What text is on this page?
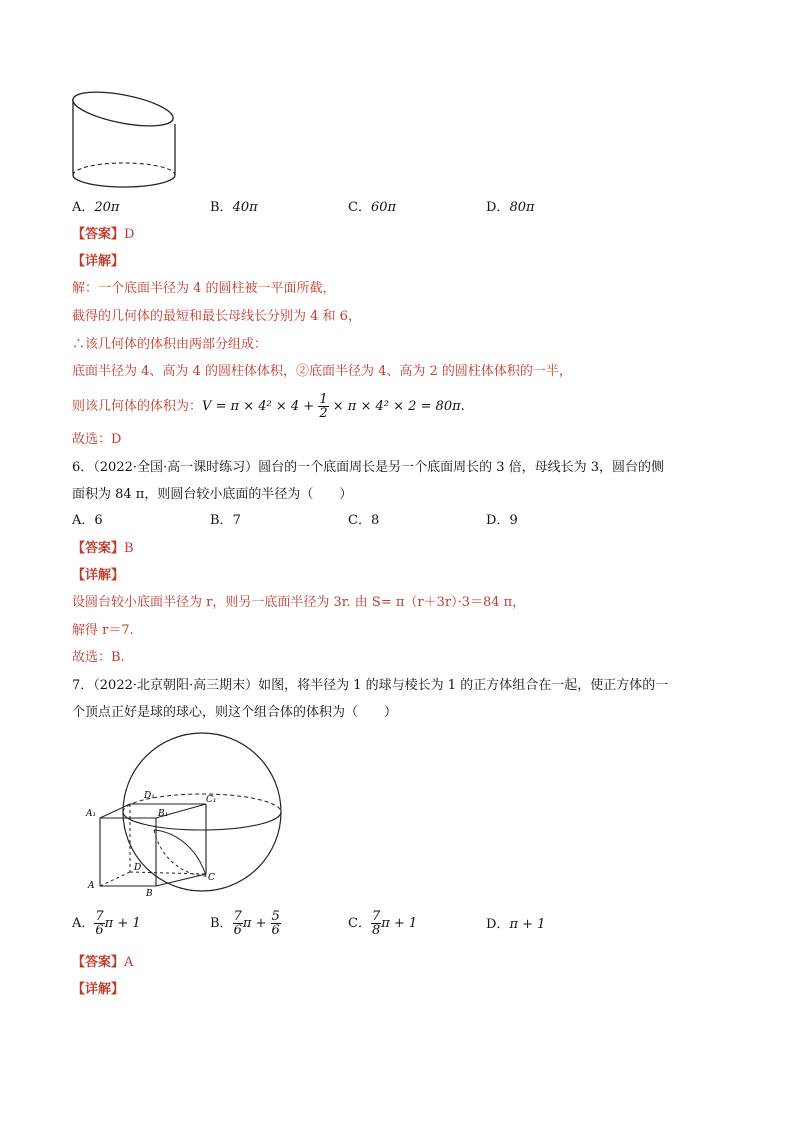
A．20π	B．40π	C．60π	D．80π
【答案】D
【详解】
解：一个底面半径为 4 的圆柱被一平面所截，
截得的几何体的最短和最长母线长分别为 4 和 6，
∴该几何体的体积由两部分组成：
底面半径为 4、高为 4 的圆柱体体积，②底面半径为 4、高为 2 的圆柱体体积的一半，
则该几何体的体积为：$V = \pi \times 4^2 \times 4 + \frac{1}{2} \times \pi \times 4^2 \times 2 = 80\pi$.
故选：D
6．（2022·全国·高一课时练习）圆台的一个底面周长是另一个底面周长的 3 倍，母线长为 3，圆台的侧
面积为 84 π，则圆台较小底面的半径为（　　）
A．6	B．7	C．8	D．9
【答案】B
【详解】
设圆台较小底面半径为 r，则另一底面半径为 3r. 由 S= π（r＋3r）·3＝84 π，
解得 r＝7.
故选：B.
7．（2022·北京朝阳·高三期末）如图，将半径为 1 的球与棱长为 1 的正方体组合在一起，使正方体的一
个顶点正好是球的球心，则这个组合体的体积为（　　）
D₁	C₁
A₁	B₁
D
A
B
C
A． $\frac{7}{6}$ π + 1	B． $\frac{7}{6}$ $\pi + \frac{5}{6}$	C． $\frac{7}{8}$ π + 1	D．π + 1
【答案】A
【详解】
